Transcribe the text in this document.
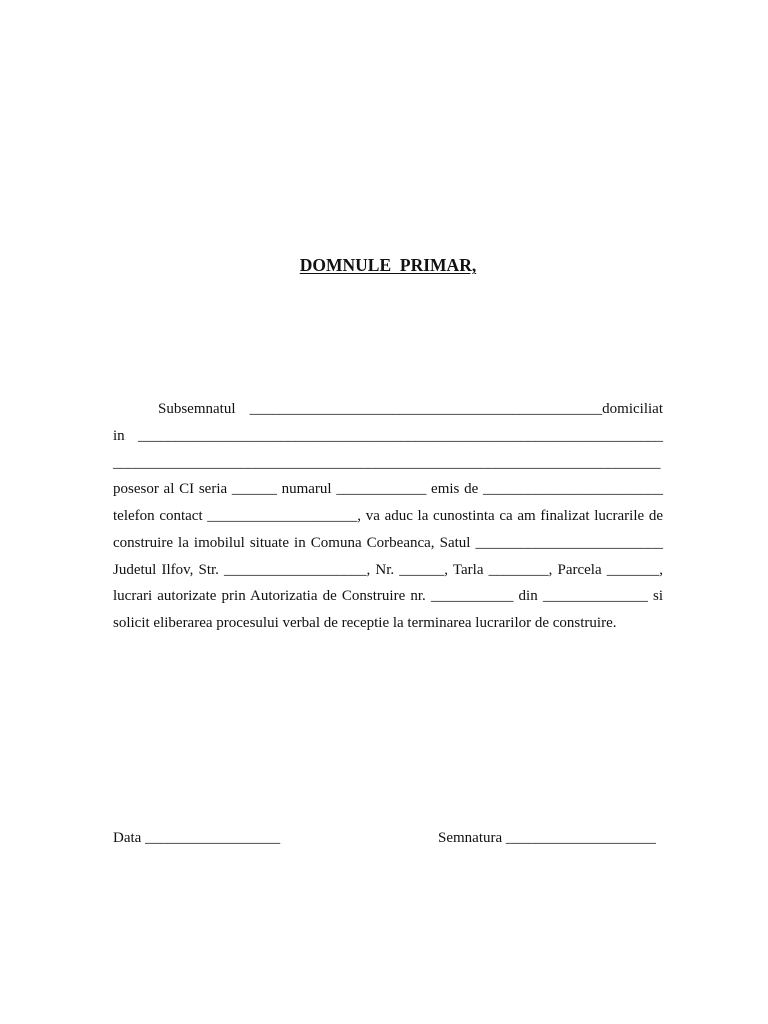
DOMNULE  PRIMAR,
Subsemnatul _______________________________________________domiciliat
in ______________________________________________________________________
_________________________________________________________________________
posesor al CI seria ______ numarul ____________ emis de ________________________
telefon contact ____________________, va aduc la cunostinta ca am finalizat lucrarile de
construire la imobilul situate in Comuna Corbeanca, Satul _________________________
Judetul Ilfov, Str. ___________________, Nr. ______, Tarla ________, Parcela _______,
lucrari autorizate prin Autorizatia de Construire nr. ___________ din ______________ si
solicit eliberarea procesului verbal de receptie la terminarea lucrarilor de construire.
Data __________________	Semnatura ____________________
